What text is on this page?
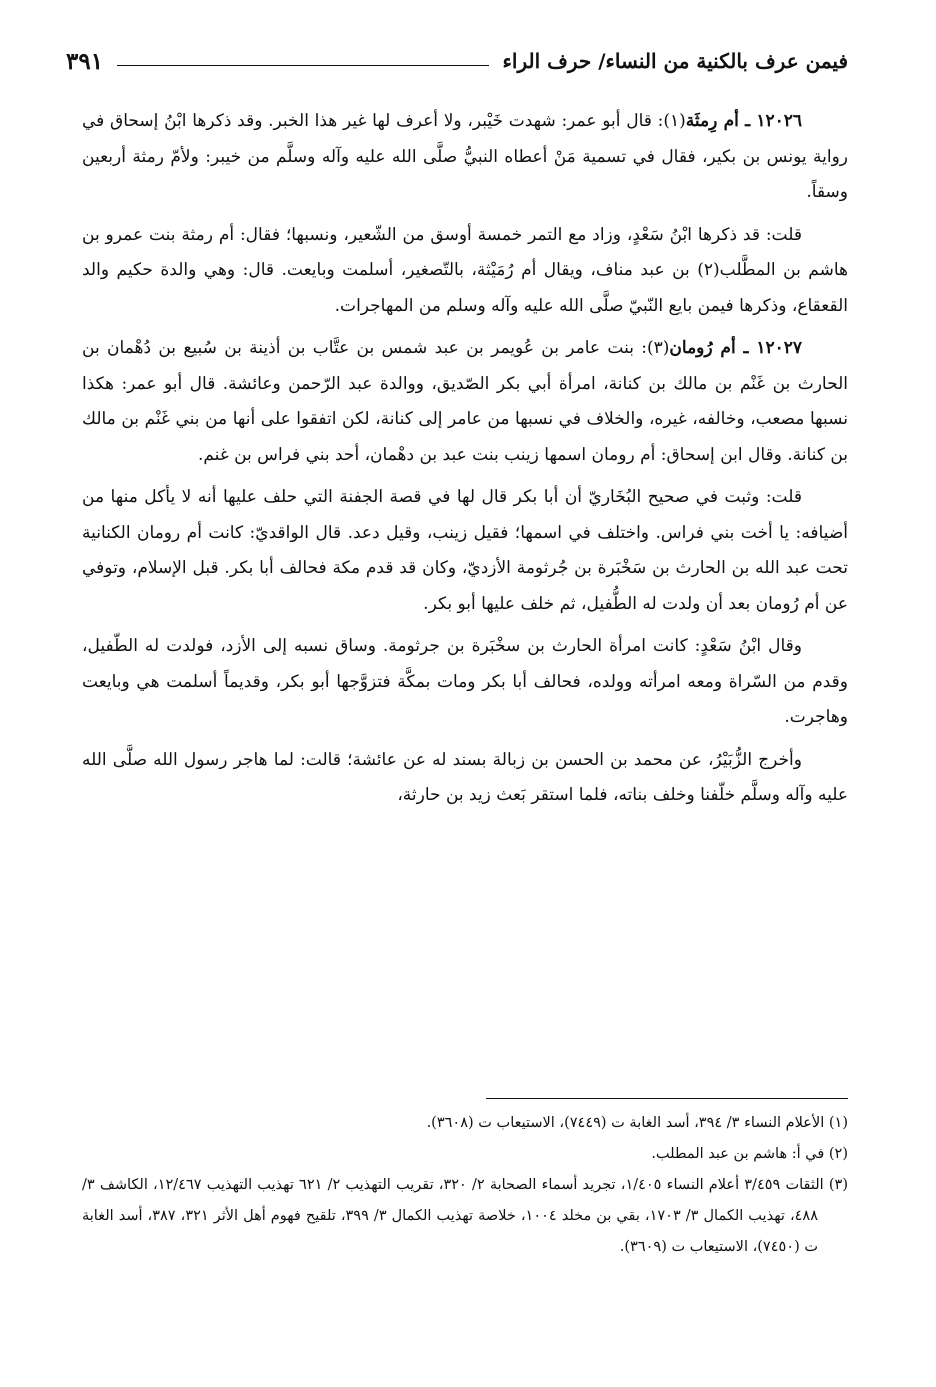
فيمن عرف بالكنية من النساء/ حرف الراء
٣٩١

١٢٠٢٦ ـ أم رِمثَة(١): قال أبو عمر: شهدت خَيْبر، ولا أعرف لها غير هذا الخبر. وقد ذكرها ابْنُ إسحاق في رواية يونس بن بكير، فقال في تسمية مَنْ أعطاه النبيُّ صلَّى الله عليه وآله وسلَّم من خيبر: ولأمّ رمثة أربعين وسقاً.

قلت: قد ذكرها ابْنُ سَعْدٍ، وزاد مع التمر خمسة أوسق من الشّعير، ونسبها؛ فقال: أم رمثة بنت عمرو بن هاشم بن المطَّلب(٢) بن عبد مناف، ويقال أم رُمَيْثة، بالتّصغير، أسلمت وبايعت. قال: وهي والدة حكيم والد القعقاع، وذكرها فيمن بايع النّبيّ صلَّى الله عليه وآله وسلم من المهاجرات.

١٢٠٢٧ ـ أم رُومان(٣): بنت عامر بن عُويمر بن عبد شمس بن عتَّاب بن أذينة بن سُبيع بن دُهْمان بن الحارث بن غَنْم بن مالك بن كنانة، امرأة أبي بكر الصّديق، ووالدة عبد الرّحمن وعائشة. قال أبو عمر: هكذا نسبها مصعب، وخالفه، غيره، والخلاف في نسبها من عامر إلى كنانة، لكن اتفقوا على أنها من بني غَنْم بن مالك بن كنانة. وقال ابن إسحاق: أم رومان اسمها زينب بنت عبد بن دهْمان، أحد بني فراس بن غنم.

قلت: وثبت في صحيح البُخَاريّ أن أبا بكر قال لها في قصة الجفنة التي حلف عليها أنه لا يأكل منها من أضيافه: يا أخت بني فراس. واختلف في اسمها؛ فقيل زينب، وقيل دعد. قال الواقديّ: كانت أم رومان الكنانية تحت عبد الله بن الحارث بن سَخْبَرة بن جُرثومة الأزديّ، وكان قد قدم مكة فحالف أبا بكر. قبل الإسلام، وتوفي عن أم رُومان بعد أن ولدت له الطُّفيل، ثم خلف عليها أبو بكر.

وقال ابْنُ سَعْدٍ: كانت امرأة الحارث بن سخْبَرة بن جرثومة. وساق نسبه إلى الأزد، فولدت له الطّفيل، وقدم من السّراة ومعه امرأته وولده، فحالف أبا بكر ومات بمكَّة فتزوَّجها أبو بكر، وقديماً أسلمت هي وبايعت وهاجرت.

وأخرج الزُّبَيْرُ، عن محمد بن الحسن بن زبالة بسند له عن عائشة؛ قالت: لما هاجر رسول الله صلَّى الله عليه وآله وسلَّم خلّفنا وخلف بناته، فلما استقر بَعث زيد بن حارثة،

(١) الأعلام النساء ٣/ ٣٩٤، أسد الغابة ت (٧٤٤٩)، الاستيعاب ت (٣٦٠٨).
(٢) في أ: هاشم بن عبد المطلب.
(٣) الثقات ٣/٤٥٩ أعلام النساء ١/٤٠٥، تجريد أسماء الصحابة ٢/ ٣٢٠، تقريب التهذيب ٢/ ٦٢١ تهذيب التهذيب ١٢/٤٦٧، الكاشف ٣/ ٤٨٨، تهذيب الكمال ٣/ ١٧٠٣، بقي بن مخلد ١٠٠٤، خلاصة تهذيب الكمال ٣/ ٣٩٩، تلقيح فهوم أهل الأثر ٣٢١، ٣٨٧، أسد الغابة ت (٧٤٥٠)، الاستيعاب ت (٣٦٠٩).
